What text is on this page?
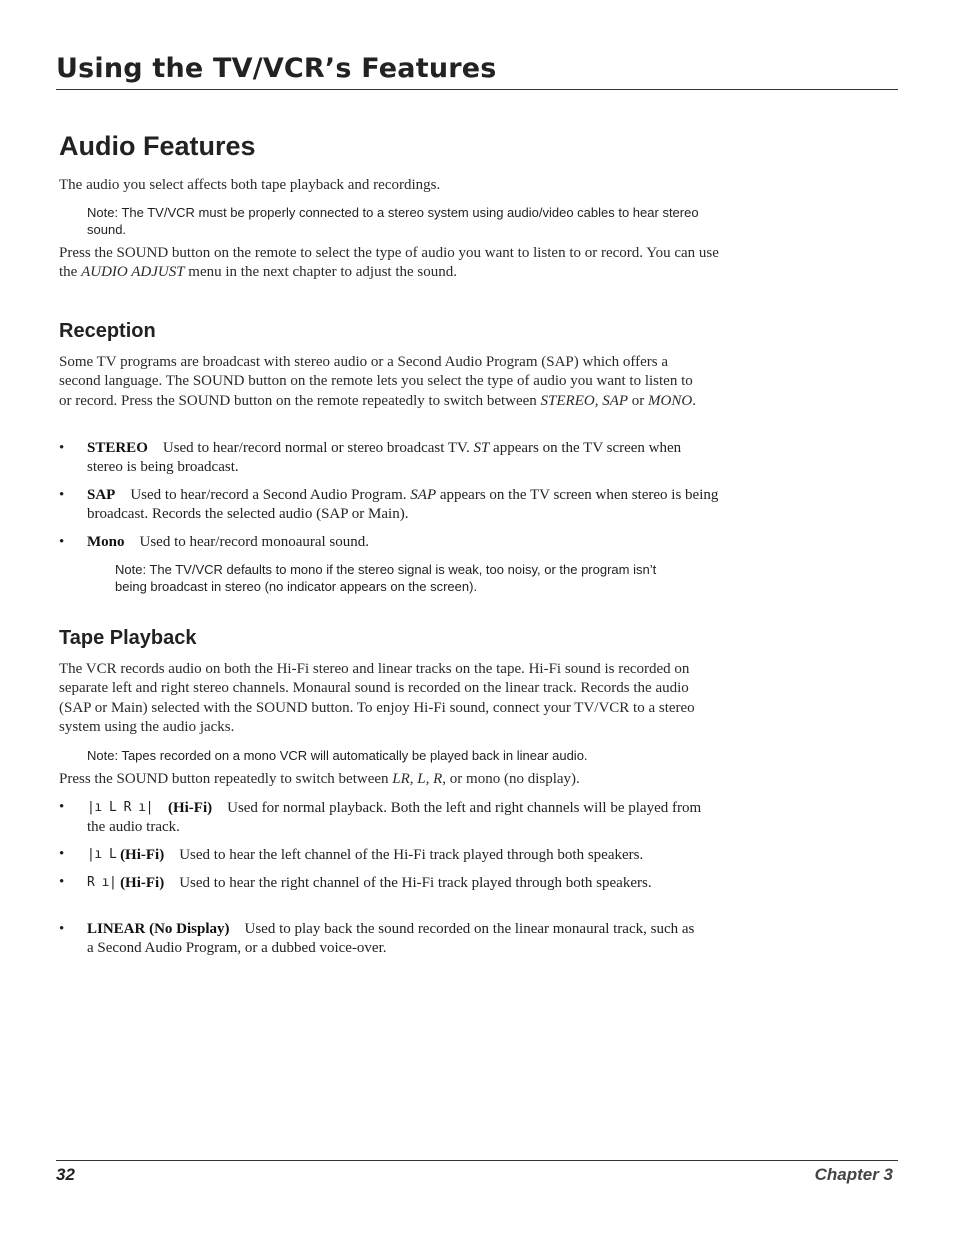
Using the TV/VCR’s Features
Audio Features

The audio you select affects both tape playback and recordings.

Note: The TV/VCR must be properly connected to a stereo system using audio/video cables to hear stereo sound.

Press the SOUND button on the remote to select the type of audio you want to listen to or record. You can use the AUDIO ADJUST menu in the next chapter to adjust the sound.

Reception

Some TV programs are broadcast with stereo audio or a Second Audio Program (SAP) which offers a second language. The SOUND button on the remote lets you select the type of audio you want to listen to or record. Press the SOUND button on the remote repeatedly to switch between STEREO, SAP or MONO.

• STEREO Used to hear/record normal or stereo broadcast TV. ST appears on the TV screen when stereo is being broadcast.
• SAP Used to hear/record a Second Audio Program. SAP appears on the TV screen when stereo is being broadcast. Records the selected audio (SAP or Main).
• Mono Used to hear/record monoaural sound.

Note: The TV/VCR defaults to mono if the stereo signal is weak, too noisy, or the program isn’t being broadcast in stereo (no indicator appears on the screen).

Tape Playback

The VCR records audio on both the Hi-Fi stereo and linear tracks on the tape. Hi-Fi sound is recorded on separate left and right stereo channels. Monaural sound is recorded on the linear track. Records the audio (SAP or Main) selected with the SOUND button. To enjoy Hi-Fi sound, connect your TV/VCR to a stereo system using the audio jacks.

Note: Tapes recorded on a mono VCR will automatically be played back in linear audio.

Press the SOUND button repeatedly to switch between LR, L, R, or mono (no display).

• |ı L R ı| (Hi-Fi) Used for normal playback. Both the left and right channels will be played from the audio track.
• |ı L (Hi-Fi) Used to hear the left channel of the Hi-Fi track played through both speakers.
• R ı| (Hi-Fi) Used to hear the right channel of the Hi-Fi track played through both speakers.
• LINEAR (No Display) Used to play back the sound recorded on the linear monaural track, such as a Second Audio Program, or a dubbed voice-over.
32	Chapter 3
